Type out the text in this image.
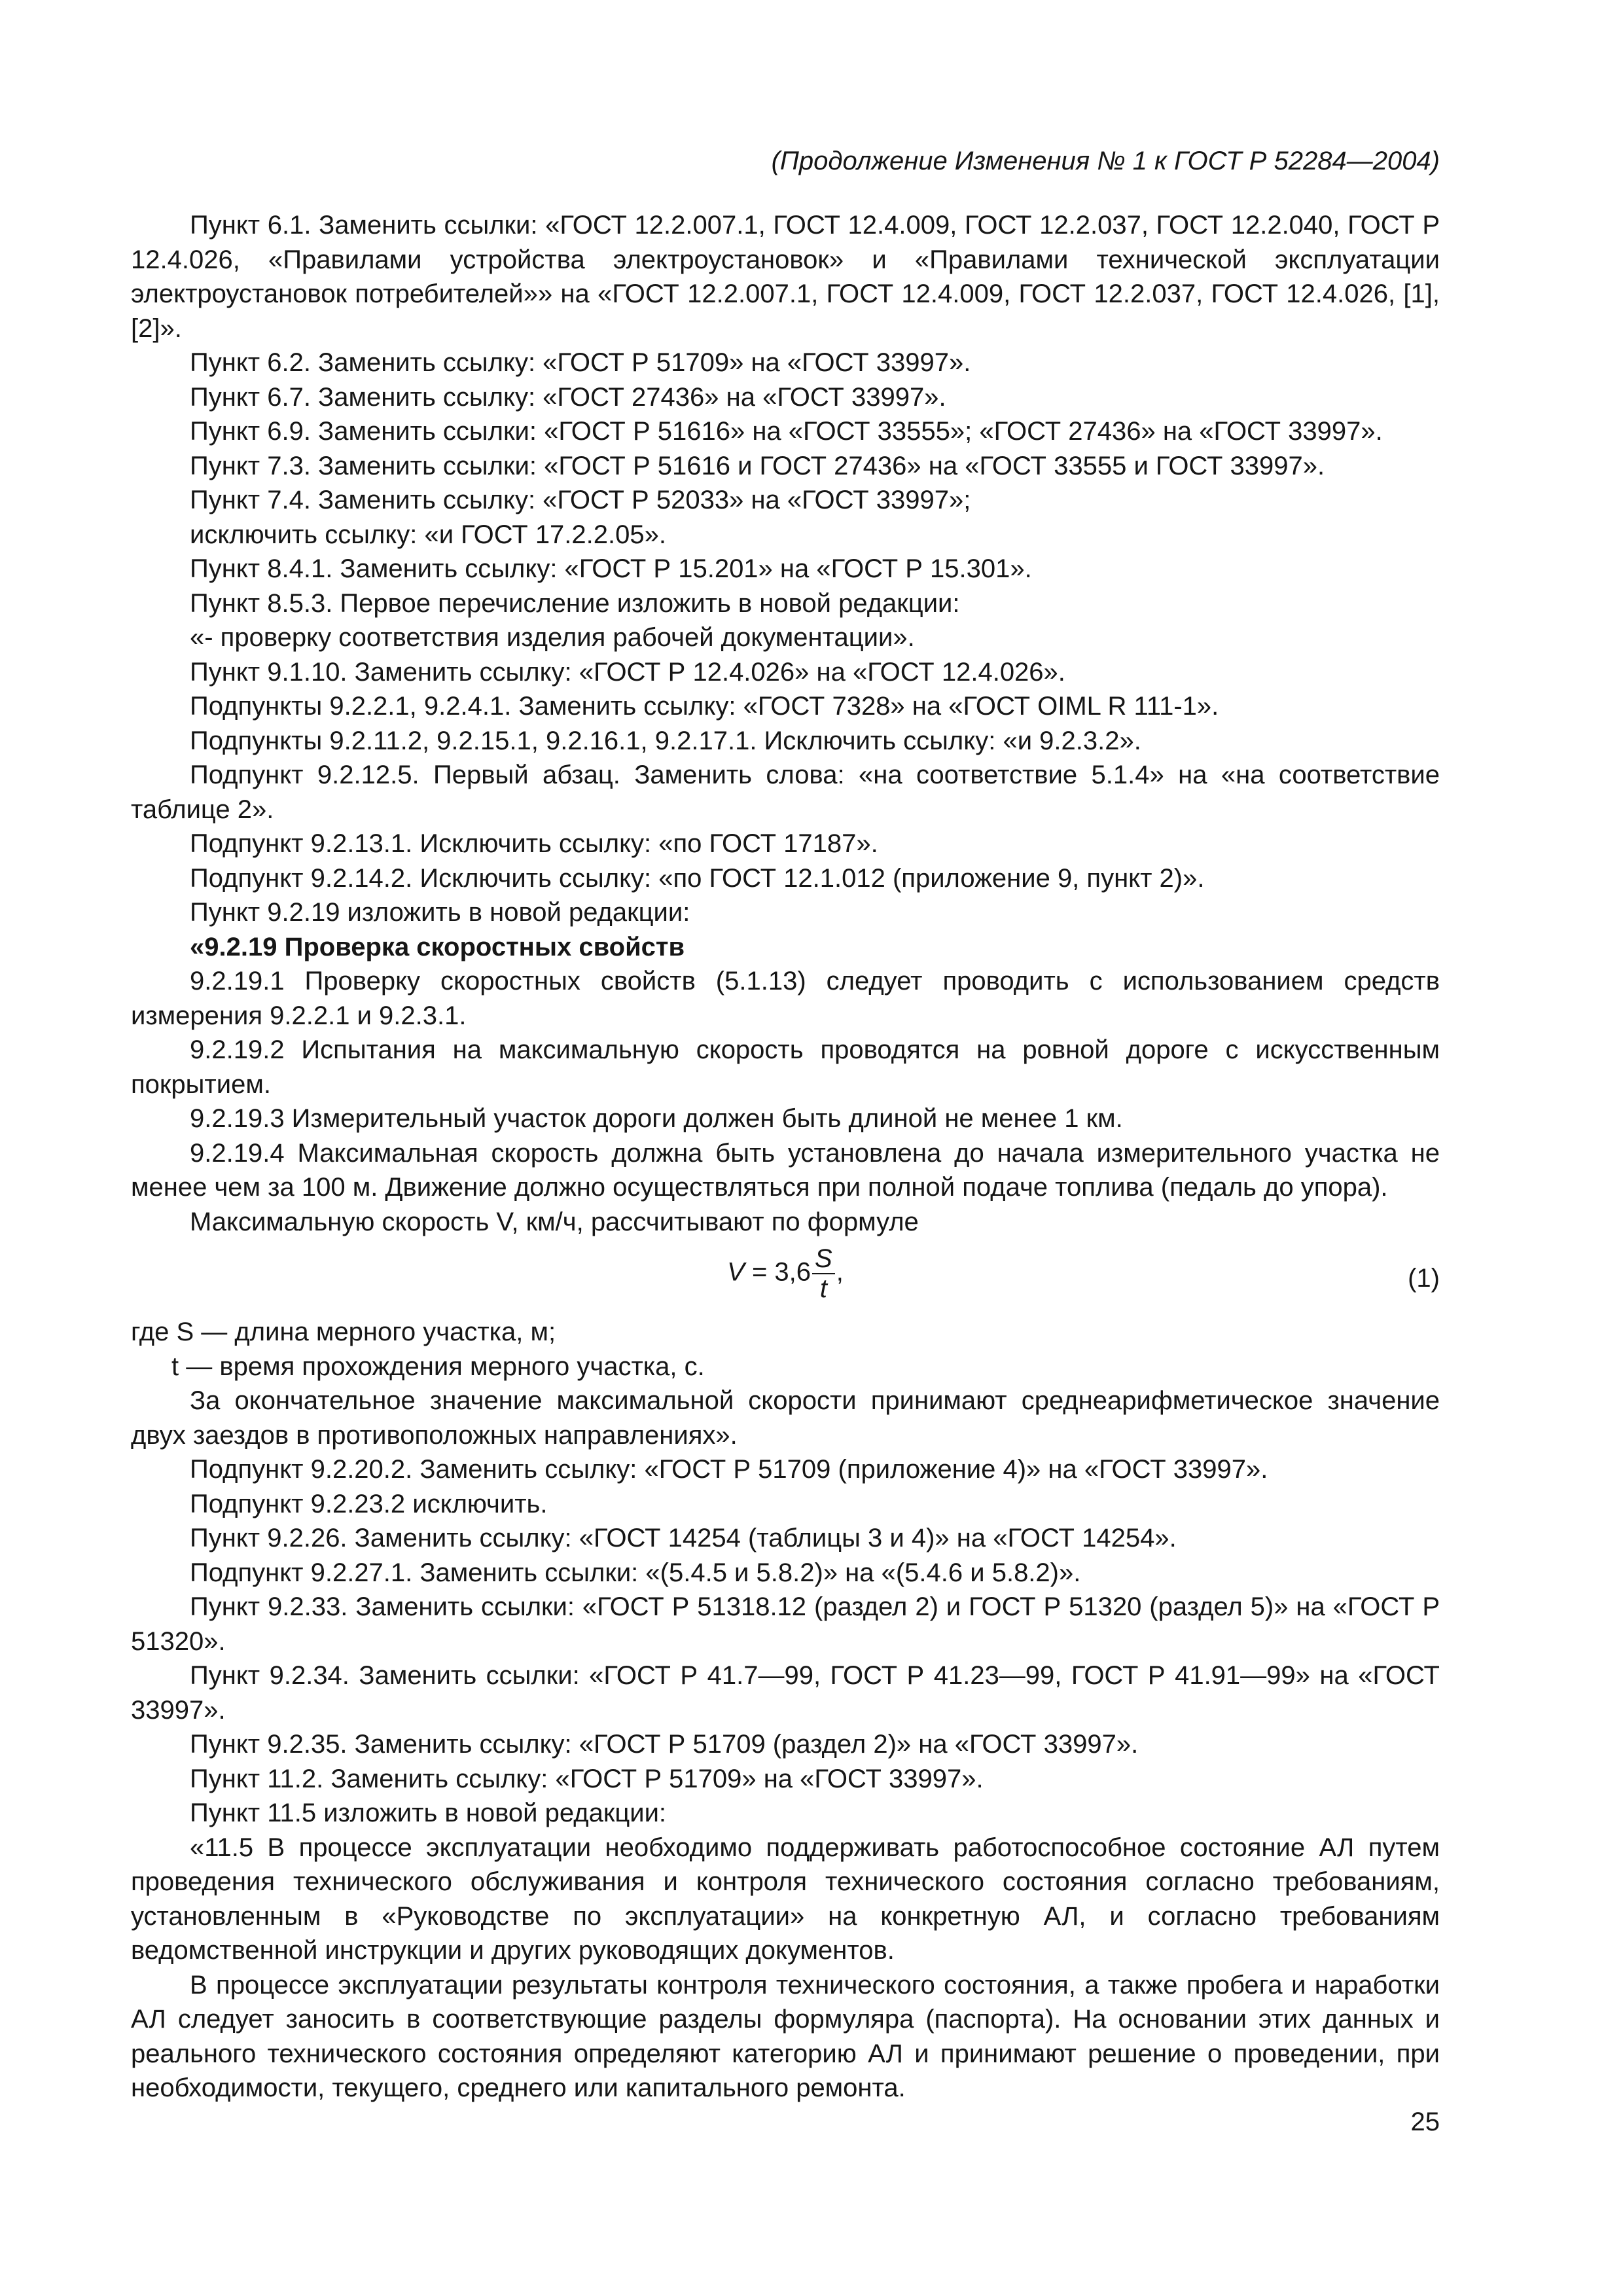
(Продолжение Изменения № 1 к ГОСТ Р 52284—2004)

Пункт 6.1. Заменить ссылки: «ГОСТ 12.2.007.1, ГОСТ 12.4.009, ГОСТ 12.2.037, ГОСТ 12.2.040, ГОСТ Р 12.4.026, «Правилами устройства электроустановок» и «Правилами технической эксплуатации электроустановок потребителей»» на «ГОСТ 12.2.007.1, ГОСТ 12.4.009, ГОСТ 12.2.037, ГОСТ 12.4.026, [1], [2]».

Пункт 6.2. Заменить ссылку: «ГОСТ Р 51709» на «ГОСТ 33997».

Пункт 6.7. Заменить ссылку: «ГОСТ 27436» на «ГОСТ 33997».

Пункт 6.9. Заменить ссылки: «ГОСТ Р 51616» на «ГОСТ 33555»; «ГОСТ 27436» на «ГОСТ 33997».

Пункт 7.3. Заменить ссылки: «ГОСТ Р 51616 и ГОСТ 27436» на «ГОСТ 33555 и ГОСТ 33997».

Пункт 7.4. Заменить ссылку: «ГОСТ Р 52033» на «ГОСТ 33997»;

исключить ссылку: «и ГОСТ 17.2.2.05».

Пункт 8.4.1. Заменить ссылку: «ГОСТ Р 15.201» на «ГОСТ Р 15.301».

Пункт 8.5.3. Первое перечисление изложить в новой редакции:

«- проверку соответствия изделия рабочей документации».

Пункт 9.1.10. Заменить ссылку: «ГОСТ Р 12.4.026» на «ГОСТ 12.4.026».

Подпункты 9.2.2.1, 9.2.4.1. Заменить ссылку: «ГОСТ 7328» на «ГОСТ OIML R 111-1».

Подпункты 9.2.11.2, 9.2.15.1, 9.2.16.1, 9.2.17.1. Исключить ссылку: «и 9.2.3.2».

Подпункт 9.2.12.5. Первый абзац. Заменить слова: «на соответствие 5.1.4» на «на соответствие таблице 2».

Подпункт 9.2.13.1. Исключить ссылку: «по ГОСТ 17187».

Подпункт 9.2.14.2. Исключить ссылку: «по ГОСТ 12.1.012 (приложение 9, пункт 2)».

Пункт 9.2.19 изложить в новой редакции:

«9.2.19 Проверка скоростных свойств

9.2.19.1 Проверку скоростных свойств (5.1.13) следует проводить с использованием средств измерения 9.2.2.1 и 9.2.3.1.

9.2.19.2 Испытания на максимальную скорость проводятся на ровной дороге с искусственным покрытием.

9.2.19.3 Измерительный участок дороги должен быть длиной не менее 1 км.

9.2.19.4 Максимальная скорость должна быть установлена до начала измерительного участка не менее чем за 100 м. Движение должно осуществляться при полной подаче топлива (педаль до упора).

Максимальную скорость V, км/ч, рассчитывают по формуле

$V = 3,6 \frac{S}{t}$ ,	(1)

где S — длина мерного участка, м;

t — время прохождения мерного участка, с.

За окончательное значение максимальной скорости принимают среднеарифметическое значение двух заездов в противоположных направлениях».

Подпункт 9.2.20.2. Заменить ссылку: «ГОСТ Р 51709 (приложение 4)» на «ГОСТ 33997».

Подпункт 9.2.23.2 исключить.

Пункт 9.2.26. Заменить ссылку: «ГОСТ 14254 (таблицы 3 и 4)» на «ГОСТ 14254».

Подпункт 9.2.27.1. Заменить ссылки: «(5.4.5 и 5.8.2)» на «(5.4.6 и 5.8.2)».

Пункт 9.2.33. Заменить ссылки: «ГОСТ Р 51318.12 (раздел 2) и ГОСТ Р 51320 (раздел 5)» на «ГОСТ Р 51320».

Пункт 9.2.34. Заменить ссылки: «ГОСТ Р 41.7—99, ГОСТ Р 41.23—99, ГОСТ Р 41.91—99» на «ГОСТ 33997».

Пункт 9.2.35. Заменить ссылку: «ГОСТ Р 51709 (раздел 2)» на «ГОСТ 33997».

Пункт 11.2. Заменить ссылку: «ГОСТ Р 51709» на «ГОСТ 33997».

Пункт 11.5 изложить в новой редакции:

«11.5 В процессе эксплуатации необходимо поддерживать работоспособное состояние АЛ путем проведения технического обслуживания и контроля технического состояния согласно требованиям, установленным в «Руководстве по эксплуатации» на конкретную АЛ, и согласно требованиям ведомственной инструкции и других руководящих документов.

В процессе эксплуатации результаты контроля технического состояния, а также пробега и наработки АЛ следует заносить в соответствующие разделы формуляра (паспорта). На основании этих данных и реального технического состояния определяют категорию АЛ и принимают решение о проведении, при необходимости, текущего, среднего или капитального ремонта.

25
